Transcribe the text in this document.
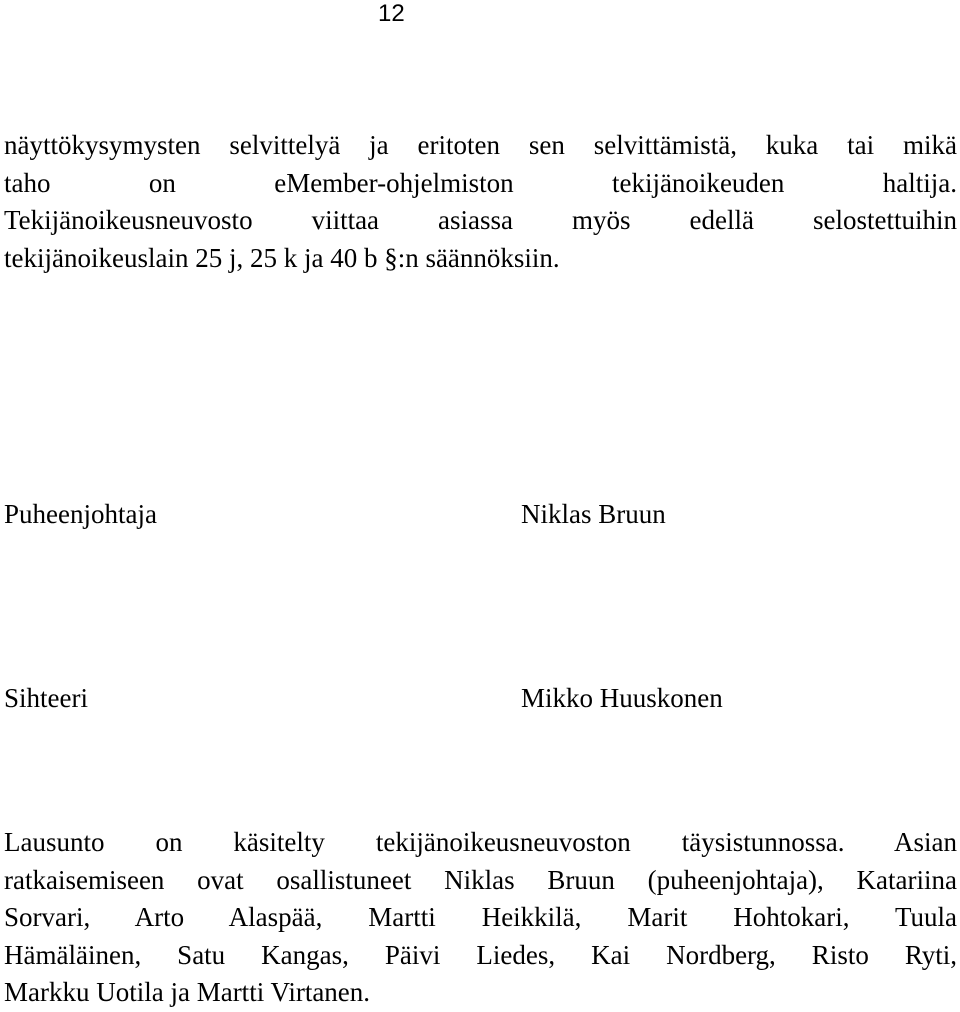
12
näyttökysymysten selvittelyä ja eritoten sen selvittämistä, kuka tai mikä
taho on eMember-ohjelmiston tekijänoikeuden haltija.
Tekijänoikeusneuvosto viittaa asiassa myös edellä selostettuihin
tekijänoikeuslain 25 j, 25 k ja 40 b §:n säännöksiin.
Puheenjohtaja	Niklas Bruun
Sihteeri	Mikko Huuskonen
Lausunto on käsitelty tekijänoikeusneuvoston täysistunnossa. Asian
ratkaisemiseen ovat osallistuneet Niklas Bruun (puheenjohtaja), Katariina
Sorvari, Arto Alaspää, Martti Heikkilä, Marit Hohtokari, Tuula
Hämäläinen, Satu Kangas, Päivi Liedes, Kai Nordberg, Risto Ryti,
Markku Uotila ja Martti Virtanen.
